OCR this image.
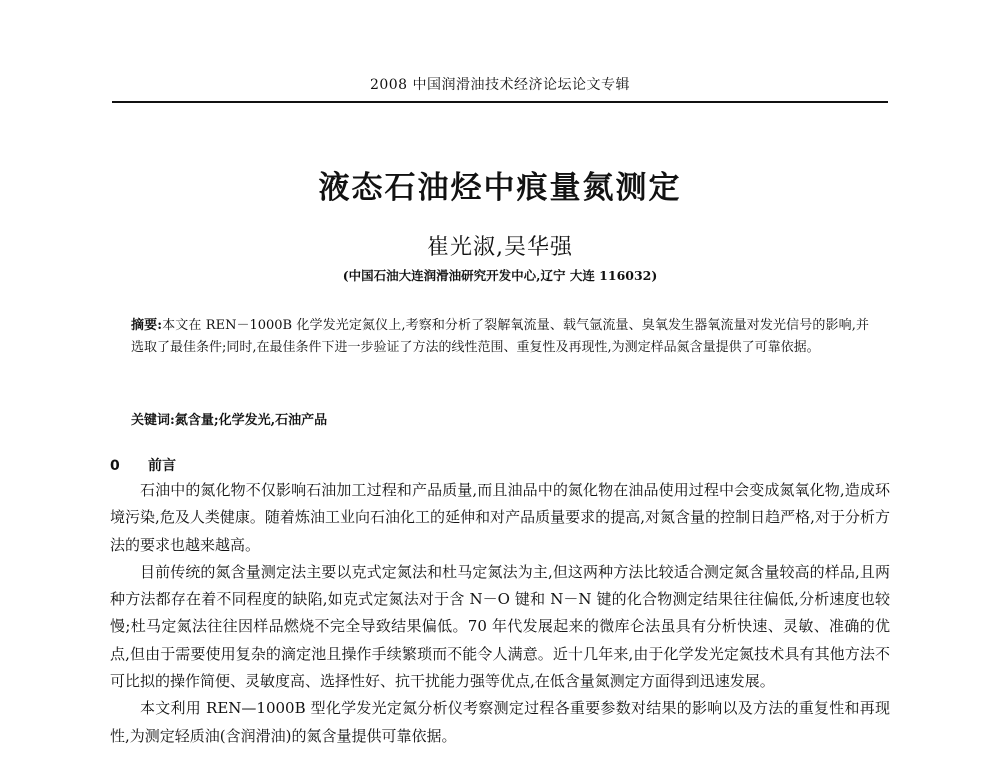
2008 中国润滑油技术经济论坛论文专辑
液态石油烃中痕量氮测定
崔光淑,吴华强
(中国石油大连润滑油研究开发中心,辽宁 大连 116032)
摘要:本文在 REN－1000B 化学发光定氮仪上,考察和分析了裂解氧流量、载气氩流量、臭氧发生器氧流量对发光信号的影响,并选取了最佳条件;同时,在最佳条件下进一步验证了方法的线性范围、重复性及再现性,为测定样品氮含量提供了可靠依据。
关键词:氮含量;化学发光,石油产品
0 前言

石油中的氮化物不仅影响石油加工过程和产品质量,而且油品中的氮化物在油品使用过程中会变成氮氧化物,造成环境污染,危及人类健康。随着炼油工业向石油化工的延伸和对产品质量要求的提高,对氮含量的控制日趋严格,对于分析方法的要求也越来越高。

目前传统的氮含量测定法主要以克式定氮法和杜马定氮法为主,但这两种方法比较适合测定氮含量较高的样品,且两种方法都存在着不同程度的缺陷,如克式定氮法对于含 N－O 键和 N－N 键的化合物测定结果往往偏低,分析速度也较慢;杜马定氮法往往因样品燃烧不完全导致结果偏低。70 年代发展起来的微库仑法虽具有分析快速、灵敏、准确的优点,但由于需要使用复杂的滴定池且操作手续繁琐而不能令人满意。近十几年来,由于化学发光定氮技术具有其他方法不可比拟的操作简便、灵敏度高、选择性好、抗干扰能力强等优点,在低含量氮测定方面得到迅速发展。

本文利用 REN—1000B 型化学发光定氮分析仪考察测定过程各重要参数对结果的影响以及方法的重复性和再现性,为测定轻质油(含润滑油)的氮含量提供可靠依据。
